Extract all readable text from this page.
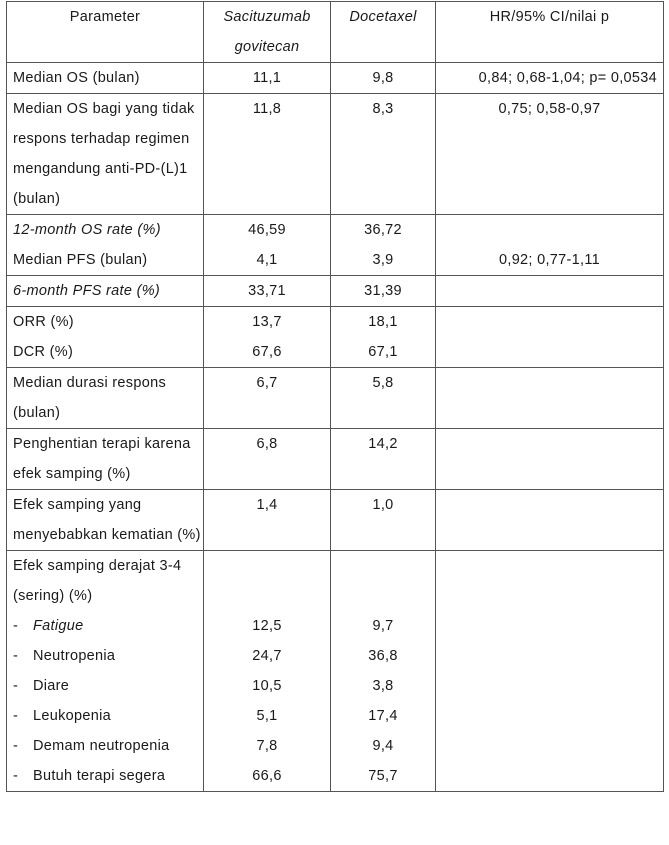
Parameter	Sacituzumab govitecan	Docetaxel	HR/95% CI/nilai p
Median OS (bulan)	11,1	9,8	0,84; 0,68-1,04; p= 0,0534
Median OS bagi yang tidak respons terhadap regimen mengandung anti-PD-(L)1 (bulan)	11,8	8,3	0,75; 0,58-0,97
12-month OS rate (%)	46,59	36,72	
Median PFS (bulan)	4,1	3,9	0,92; 0,77-1,11
6-month PFS rate (%)	33,71	31,39	
ORR (%)	13,7	18,1	
DCR (%)	67,6	67,1	
Median durasi respons (bulan)	6,7	5,8	
Penghentian terapi karena efek samping (%)	6,8	14,2	
Efek samping yang menyebabkan kematian (%)	1,4	1,0	
Efek samping derajat 3-4 (sering) (%)			
- Fatigue	12,5	9,7	
- Neutropenia	24,7	36,8	
- Diare	10,5	3,8	
- Leukopenia	5,1	17,4	
- Demam neutropenia	7,8	9,4	
- Butuh terapi segera	66,6	75,7	
